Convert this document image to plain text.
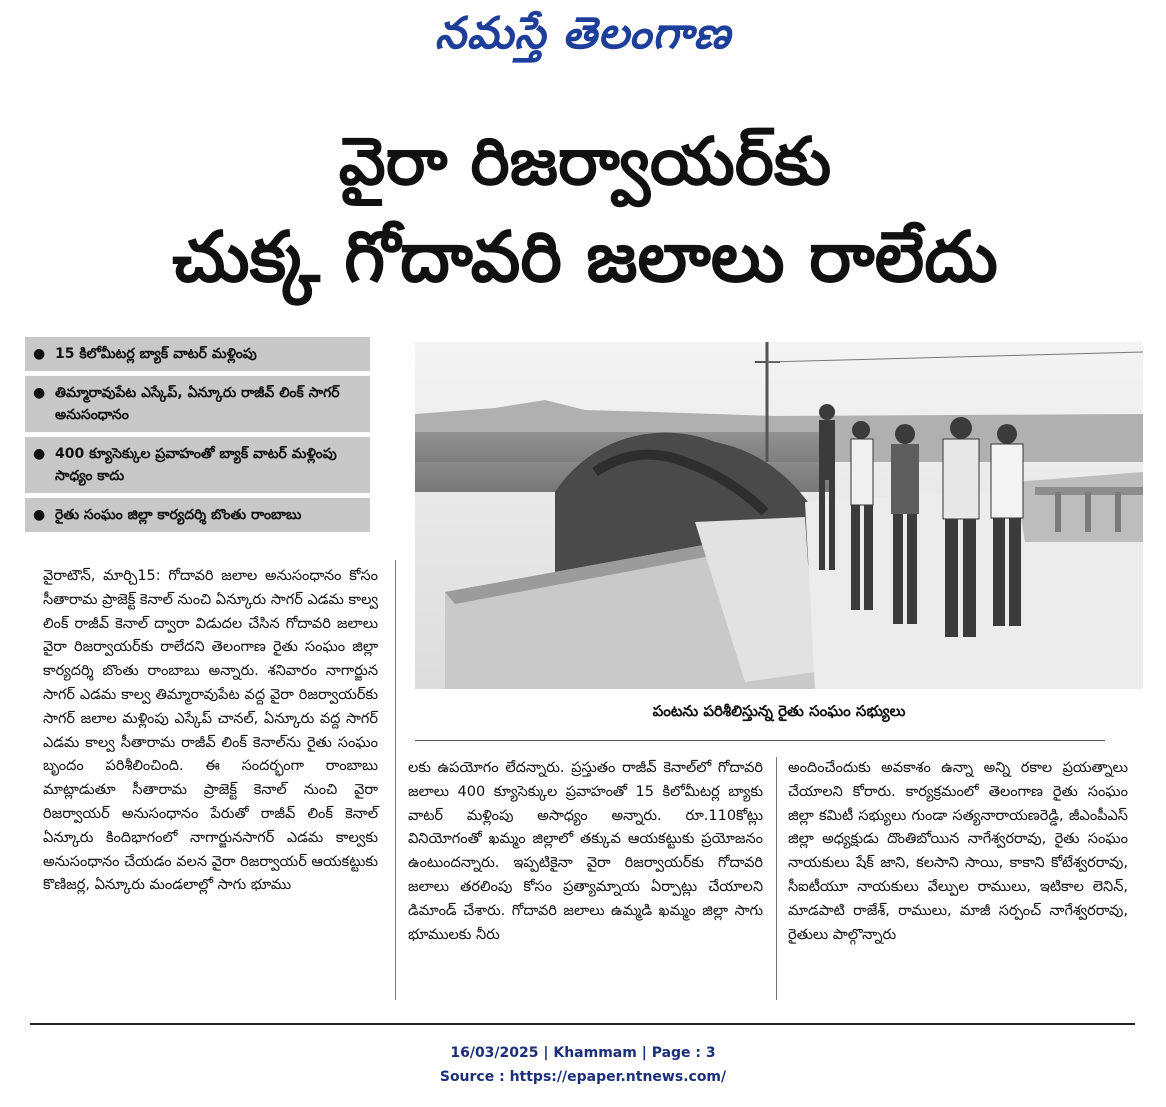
నమస్తే తెలంగాణ
వైరా రిజర్వాయర్‌కు
చుక్క గోదావరి జలాలు రాలేదు
● 15 కిలోమీటర్ల బ్యాక్ వాటర్ మళ్లింపు
● తిమ్మారావుపేట ఎస్కేప్, ఏన్కూరు రాజీవ్ లింక్ సాగర్ అనుసంధానం
● 400 క్యూసెక్కుల ప్రవాహంతో బ్యాక్ వాటర్ మళ్లింపు సాధ్యం కాదు
● రైతు సంఘం జిల్లా కార్యదర్శి బొంతు రాంబాబు
పంటను పరిశీలిస్తున్న రైతు సంఘం సభ్యులు

వైరాటౌన్, మార్చి15: గోదావరి జలాల అనుసంధానం కోసం సీతారామ ప్రాజెక్ట్ కెనాల్ నుంచి ఏన్కూరు సాగర్ ఎడమ కాల్వ లింక్ రాజీవ్ కెనాల్ ద్వారా విడుదల చేసిన గోదావరి జలాలు వైరా రిజర్వాయర్‌కు రాలేదని తెలంగాణ రైతు సంఘం జిల్లా కార్యదర్శి బొంతు రాంబాబు అన్నారు. శనివారం నాగార్జున సాగర్ ఎడమ కాల్వ తిమ్మారావుపేట వద్ద వైరా రిజర్వాయర్‌కు సాగర్ జలాల మళ్లింపు ఎస్కేప్ చానల్, ఏన్కూరు వద్ద సాగర్ ఎడమ కాల్వ సీతారామ రాజీవ్ లింక్ కెనాల్‌ను రైతు సంఘం బృందం పరిశీలించింది. ఈ సందర్భంగా రాంబాబు మాట్లాడుతూ సీతారామ ప్రాజెక్ట్ కెనాల్ నుంచి వైరా రిజర్వాయర్ అనుసంధానం పేరుతో రాజీవ్ లింక్ కెనాల్ ఏన్కూరు కిందిభాగంలో నాగార్జునసాగర్ ఎడమ కాల్వకు అనుసంధానం చేయడం వలన వైరా రిజర్వాయర్ ఆయకట్టుకు కొణిజర్ల, ఏన్కూరు మండలాల్లో సాగు భూము

లకు ఉపయోగం లేదన్నారు. ప్రస్తుతం రాజీవ్ కెనాల్‌లో గోదావరి జలాలు 400 క్యూసెక్కుల ప్రవాహంతో 15 కిలోమీటర్ల బ్యాకు వాటర్ మళ్లింపు అసాధ్యం అన్నారు. రూ.110కోట్లు వినియోగంతో ఖమ్మం జిల్లాలో తక్కువ ఆయకట్టుకు ప్రయోజనం ఉంటుందన్నారు. ఇప్పటికైనా వైరా రిజర్వాయర్‌కు గోదావరి జలాలు తరలింపు కోసం ప్రత్యామ్నాయ ఏర్పాట్లు చేయాలని డిమాండ్ చేశారు. గోదావరి జలాలు ఉమ్మడి ఖమ్మం జిల్లా సాగు భూములకు నీరు

అందించేందుకు అవకాశం ఉన్నా అన్ని రకాల ప్రయత్నాలు చేయాలని కోరారు. కార్యక్రమంలో తెలంగాణ రైతు సంఘం జిల్లా కమిటీ సభ్యులు గుండా సత్యనారాయణరెడ్డి, జీఎంపీఎస్ జిల్లా అధ్యక్షుడు దొంతిబోయిన నాగేశ్వరరావు, రైతు సంఘం నాయకులు షేక్ జాని, కలసాని సాయి, కాకాని కోటేశ్వరరావు, సీఐటీయూ నాయకులు వేల్పుల రాములు, ఇటికాల లెనిన్, మాడపాటి రాజేశ్, రాములు, మాజీ సర్పంచ్ నాగేశ్వరరావు, రైతులు పాల్గొన్నారు

16/03/2025 | Khammam | Page : 3
Source : https://epaper.ntnews.com/
